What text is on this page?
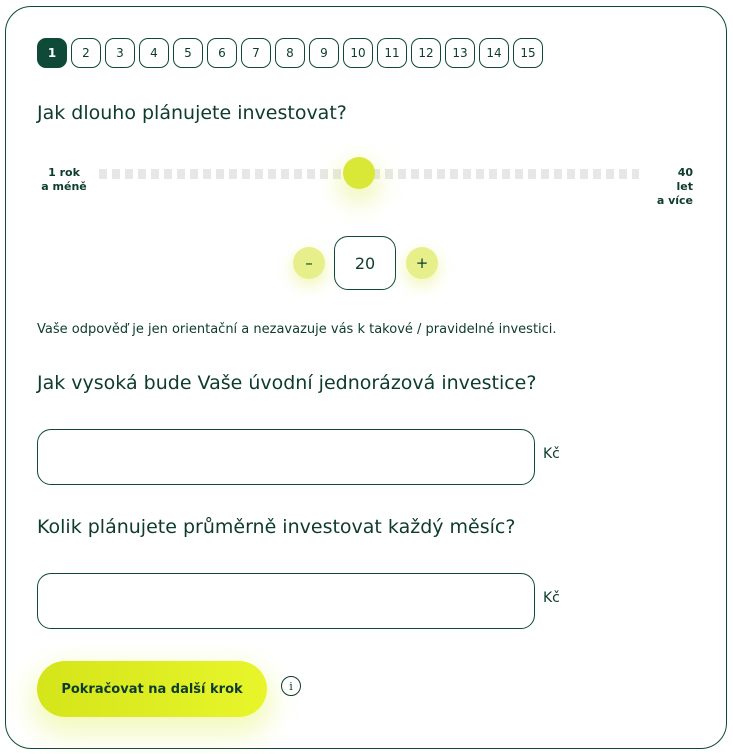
1	2	3	4	5	6	7	8	9	10	11	12	13	14	15
Jak dlouho plánujete investovat?
1 rok
a méně
40
let
a více
–	20	+
Vaše odpověď je jen orientační a nezavazuje vás k takové / pravidelné investici.
Jak vysoká bude Vaše úvodní jednorázová investice?
Kč
Kolik plánujete průměrně investovat každý měsíc?
Kč
Pokračovat na další krok	i
